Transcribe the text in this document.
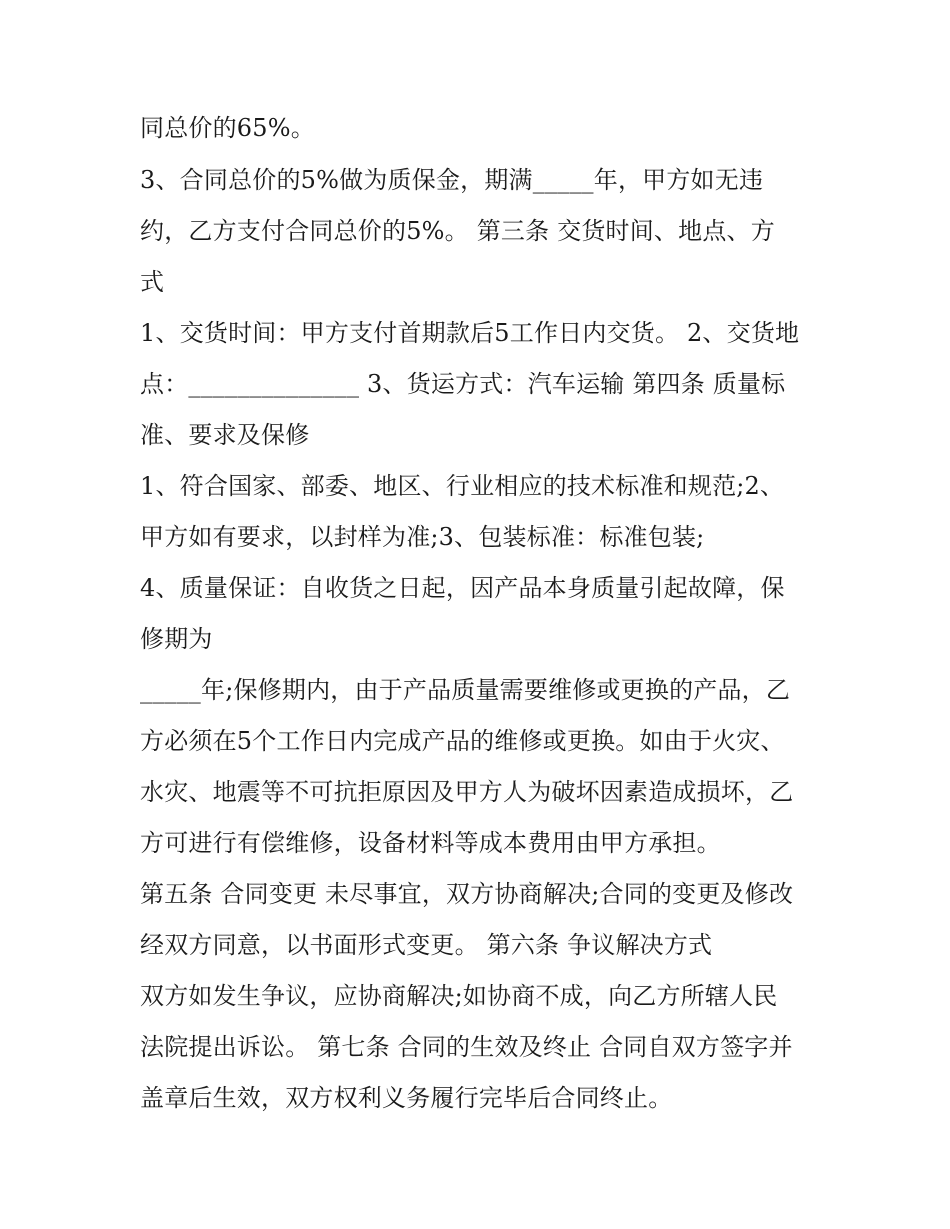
同总价的65%。
3、合同总价的5%做为质保金，期满_____年，甲方如无违
约，乙方支付合同总价的5%。 第三条 交货时间、地点、方
式
1、交货时间：甲方支付首期款后5工作日内交货。 2、交货地
点：______________ 3、货运方式：汽车运输 第四条 质量标
准、要求及保修
1、符合国家、部委、地区、行业相应的技术标准和规范;2、
甲方如有要求，以封样为准;3、包装标准：标准包装;
4、质量保证：自收货之日起，因产品本身质量引起故障，保
修期为
_____年;保修期内，由于产品质量需要维修或更换的产品，乙
方必须在5个工作日内完成产品的维修或更换。如由于火灾、
水灾、地震等不可抗拒原因及甲方人为破坏因素造成损坏，乙
方可进行有偿维修，设备材料等成本费用由甲方承担。
第五条 合同变更 未尽事宜，双方协商解决;合同的变更及修改
经双方同意，以书面形式变更。 第六条 争议解决方式
双方如发生争议，应协商解决;如协商不成，向乙方所辖人民
法院提出诉讼。 第七条 合同的生效及终止 合同自双方签字并
盖章后生效，双方权利义务履行完毕后合同终止。
